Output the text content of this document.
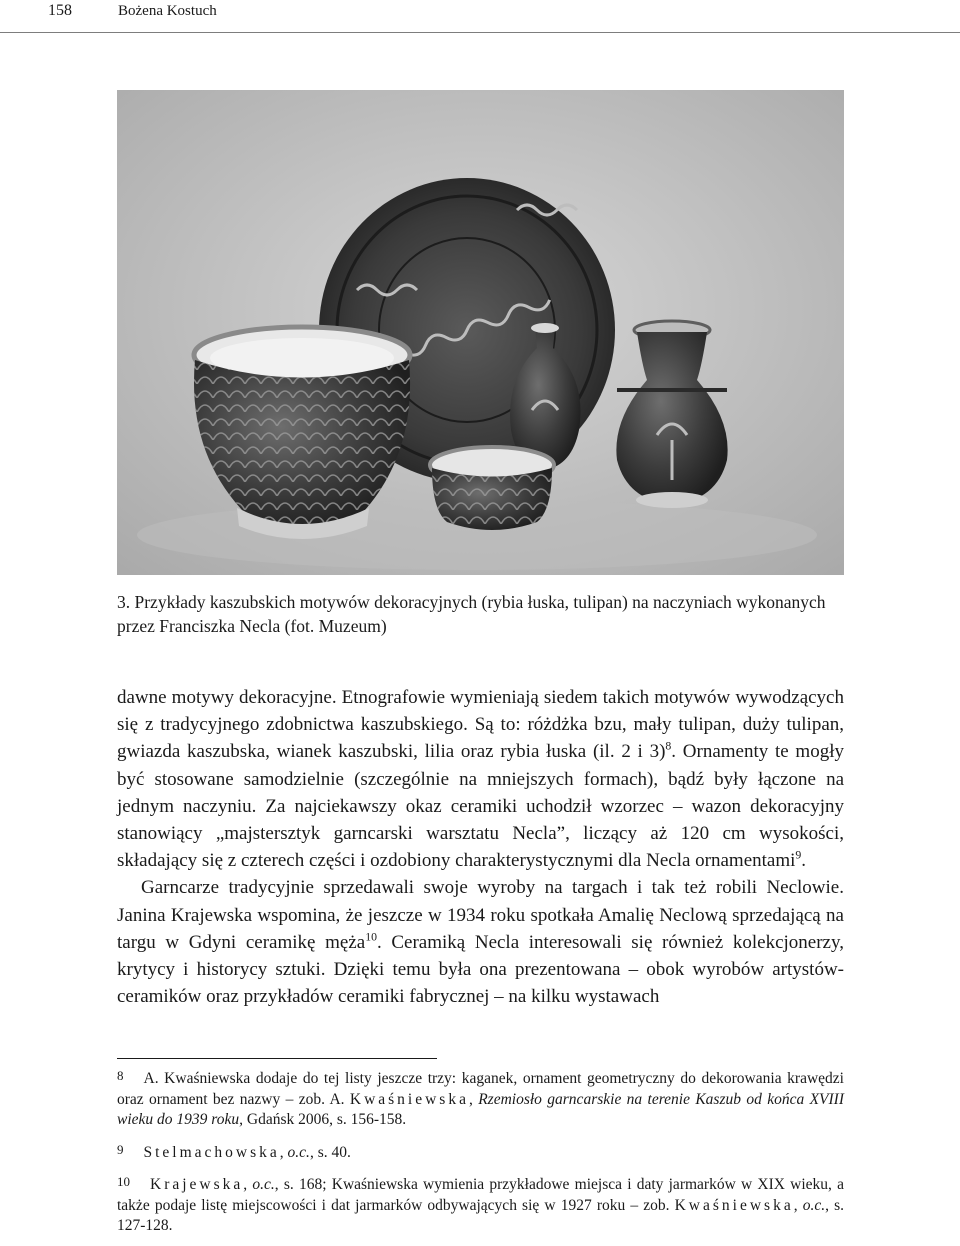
158	Bożena Kostuch
3. Przykłady kaszubskich motywów dekoracyjnych (rybia łuska, tulipan) na naczyniach wykonanych przez Franciszka Necla (fot. Muzeum)

dawne motywy dekoracyjne. Etnografowie wymieniają siedem takich motywów wywodzących się z tradycyjnego zdobnictwa kaszubskiego. Są to: różdżka bzu, mały tulipan, duży tulipan, gwiazda kaszubska, wianek kaszubski, lilia oraz rybia łuska (il. 2 i 3)$^8$. Ornamenty te mogły być stosowane samodzielnie (szczególnie na mniejszych formach), bądź były łączone na jednym naczyniu. Za najciekawszy okaz ceramiki uchodził wzorzec – wazon dekoracyjny stanowiący „majstersztyk garncarski warsztatu Necla”, liczący aż 120 cm wysokości, składający się z czterech części i ozdobiony charakterystycznymi dla Necla ornamentami$^9$.

Garncarze tradycyjnie sprzedawali swoje wyroby na targach i tak też robili Neclowie. Janina Krajewska wspomina, że jeszcze w 1934 roku spotkała Amalię Neclową sprzedającą na targu w Gdyni ceramikę męża$^{10}$. Ceramiką Necla interesowali się również kolekcjonerzy, krytycy i historycy sztuki. Dzięki temu była ona prezentowana – obok wyrobów artystów-ceramików oraz przykładów ceramiki fabrycznej – na kilku wystawach

8 A. Kwaśniewska dodaje do tej listy jeszcze trzy: kaganek, ornament geometryczny do dekorowania krawędzi oraz ornament bez nazwy – zob. A. Kwaśniewska, Rzemiosło garncarskie na terenie Kaszub od końca XVIII wieku do 1939 roku, Gdańsk 2006, s. 156-158.

9 Stelmachowska, o.c., s. 40.

10 Krajewska, o.c., s. 168; Kwaśniewska wymienia przykładowe miejsca i daty jarmarków w XIX wieku, a także podaje listę miejscowości i dat jarmarków odbywających się w 1927 roku – zob. Kwaśniewska, o.c., s. 127-128.
